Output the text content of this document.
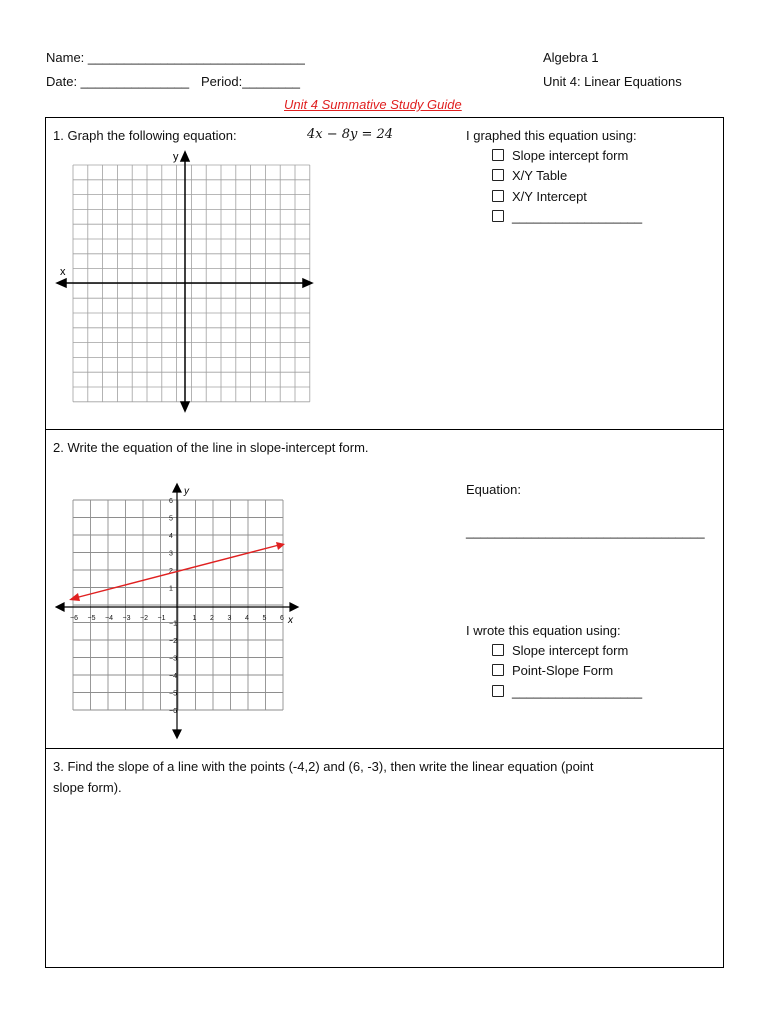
Name: ______________________________
Date: _______________ Period:________
Algebra 1
Unit 4: Linear Equations
Unit 4 Summative Study Guide
1. Graph the following equation:	4x − 8y = 24	I graphed this equation using:
Slope intercept form
X/Y Table
X/Y Intercept
__________________
x
y
2. Write the equation of the line in slope-intercept form.
Equation:
_________________________________
I wrote this equation using:
Slope intercept form
Point-Slope Form
__________________
−6 −5 −4 −3 −2 −1	1 2 3 4 5 6
6
5
4
3
2
1
−1
−2
−3
−4
−5
−6
x
y
3. Find the slope of a line with the points (-4,2) and (6, -3), then write the linear equation (point
slope form).
